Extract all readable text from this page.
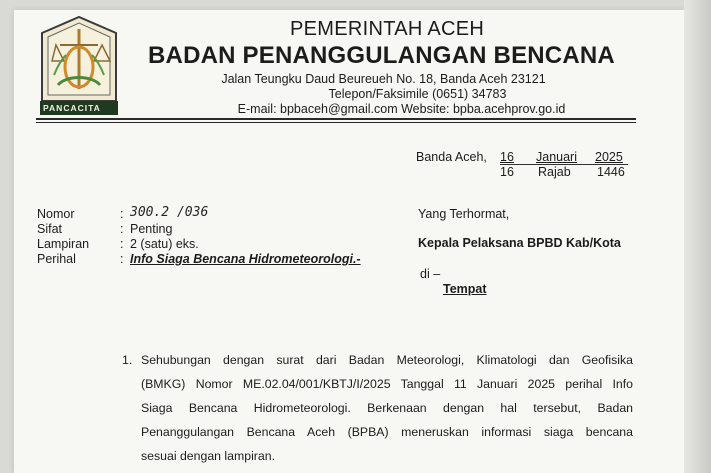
PANCACITA
PEMERINTAH ACEH
BADAN PENANGGULANGAN BENCANA
Jalan Teungku Daud Beureueh No. 18, Banda Aceh 23121
Telepon/Faksimile (0651) 34783
E-mail: bpbaceh@gmail.com Website: bpba.acehprov.go.id
Banda Aceh, 16 Januari 2025
16 Rajab 1446
Nomor	: 300.2 /036
Sifat	: Penting
Lampiran : 2 (satu) eks.
Perihal	: Info Siaga Bencana Hidrometeorologi.-
Yang Terhormat,
Kepala Pelaksana BPBD Kab/Kota
di –
Tempat
1. Sehubungan dengan surat dari Badan Meteorologi, Klimatologi dan Geofisika
(BMKG) Nomor ME.02.04/001/KBTJ/I/2025 Tanggal 11 Januari 2025 perihal Info
Siaga Bencana Hidrometeorologi. Berkenaan dengan hal tersebut, Badan
Penanggulangan Bencana Aceh (BPBA) meneruskan informasi siaga bencana
sesuai dengan lampiran.
